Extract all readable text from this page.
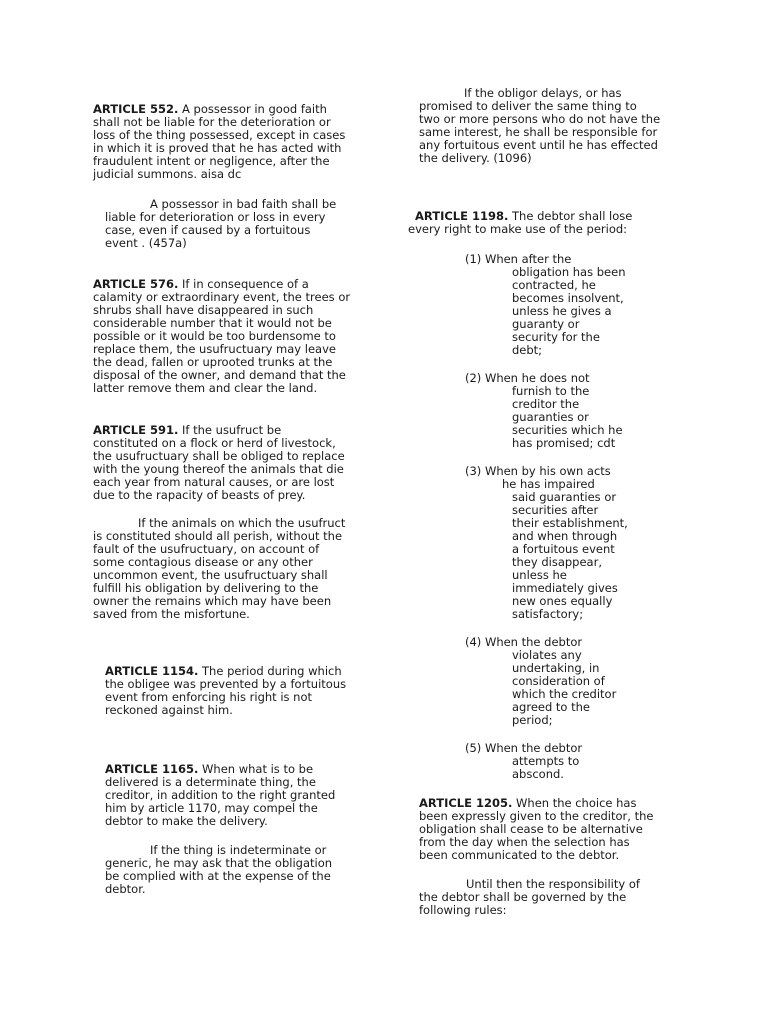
ARTICLE 552. A possessor in good faith
shall not be liable for the deterioration or
loss of the thing possessed, except in cases
in which it is proved that he has acted with
fraudulent intent or negligence, after the
judicial summons. aisa dc
A possessor in bad faith shall be
liable for deterioration or loss in every
case, even if caused by a fortuitous
event . (457a)
ARTICLE 576. If in consequence of a
calamity or extraordinary event, the trees or
shrubs shall have disappeared in such
considerable number that it would not be
possible or it would be too burdensome to
replace them, the usufructuary may leave
the dead, fallen or uprooted trunks at the
disposal of the owner, and demand that the
latter remove them and clear the land.
ARTICLE 591. If the usufruct be
constituted on a flock or herd of livestock,
the usufructuary shall be obliged to replace
with the young thereof the animals that die
each year from natural causes, or are lost
due to the rapacity of beasts of prey.
If the animals on which the usufruct
is constituted should all perish, without the
fault of the usufructuary, on account of
some contagious disease or any other
uncommon event, the usufructuary shall
fulfill his obligation by delivering to the
owner the remains which may have been
saved from the misfortune.
ARTICLE 1154. The period during which
the obligee was prevented by a fortuitous
event from enforcing his right is not
reckoned against him.
ARTICLE 1165. When what is to be
delivered is a determinate thing, the
creditor, in addition to the right granted
him by article 1170, may compel the
debtor to make the delivery.
If the thing is indeterminate or
generic, he may ask that the obligation
be complied with at the expense of the
debtor.
If the obligor delays, or has
promised to deliver the same thing to
two or more persons who do not have the
same interest, he shall be responsible for
any fortuitous event until he has effected
the delivery. (1096)
ARTICLE 1198. The debtor shall lose
every right to make use of the period:
(1) When after the
obligation has been
contracted, he
becomes insolvent,
unless he gives a
guaranty or
security for the
debt;
(2) When he does not
furnish to the
creditor the
guaranties or
securities which he
has promised; cdt
(3) When by his own acts
he has impaired
said guaranties or
securities after
their establishment,
and when through
a fortuitous event
they disappear,
unless he
immediately gives
new ones equally
satisfactory;
(4) When the debtor
violates any
undertaking, in
consideration of
which the creditor
agreed to the
period;
(5) When the debtor
attempts to
abscond.
ARTICLE 1205. When the choice has
been expressly given to the creditor, the
obligation shall cease to be alternative
from the day when the selection has
been communicated to the debtor.
Until then the responsibility of
the debtor shall be governed by the
following rules:
